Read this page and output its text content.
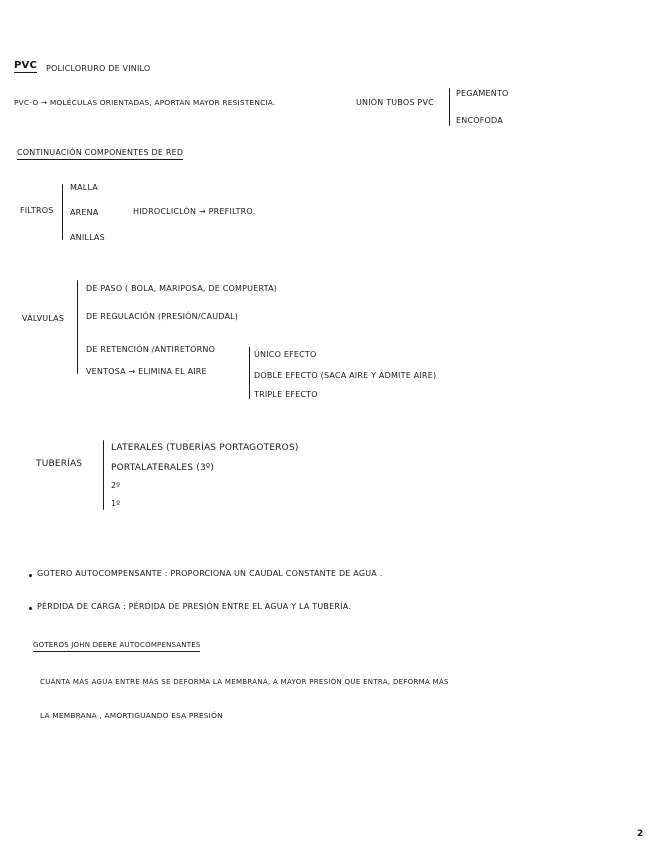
PVC POLICLORURO DE VINILO
PVC-O → MOLÉCULAS ORIENTADAS, APORTAN MAYOR RESISTENCIA.	UNIÓN TUBOS PVC
PEGAMENTO
ENCOFODA
CONTINUACIÓN COMPONENTES DE RED
FILTROS
MALLA
ARENA
ANILLAS
HIDROCLICLÓN → PREFILTRO.
VÁLVULAS
DE PASO ( BOLA, MARIPOSA, DE COMPUERTA)
DE REGULACIÓN (PRESIÓN/CAUDAL)
DE RETENCIÓN /ANTIRETORNO
VENTOSA → ELIMINA EL AIRE
ÚNICO EFECTO
DOBLE EFECTO (SACA AIRE Y ADMITE AIRE)
TRIPLE EFECTO
TUBERÍAS
LATERALES (TUBERÍAS PORTAGOTEROS)
PORTALATERALES (3º)
2º
1º
GOTERO AUTOCOMPENSANTE : PROPORCIONA UN CAUDAL CONSTANTE DE AGUA .
PÉRDIDA DE CARGA : PÉRDIDA DE PRESIÓN ENTRE EL AGUA Y LA TUBERÍA.
GOTEROS JOHN DEERE AUTOCOMPENSANTES
CUÁNTA MÁS AGUA ENTRE MÁS SE DEFORMA LA MEMBRANA, A MAYOR PRESIÓN QUE ENTRA, DEFORMA MÁS
LA MEMBRANA , AMORTIGUANDO ESA PRESIÓN
2
